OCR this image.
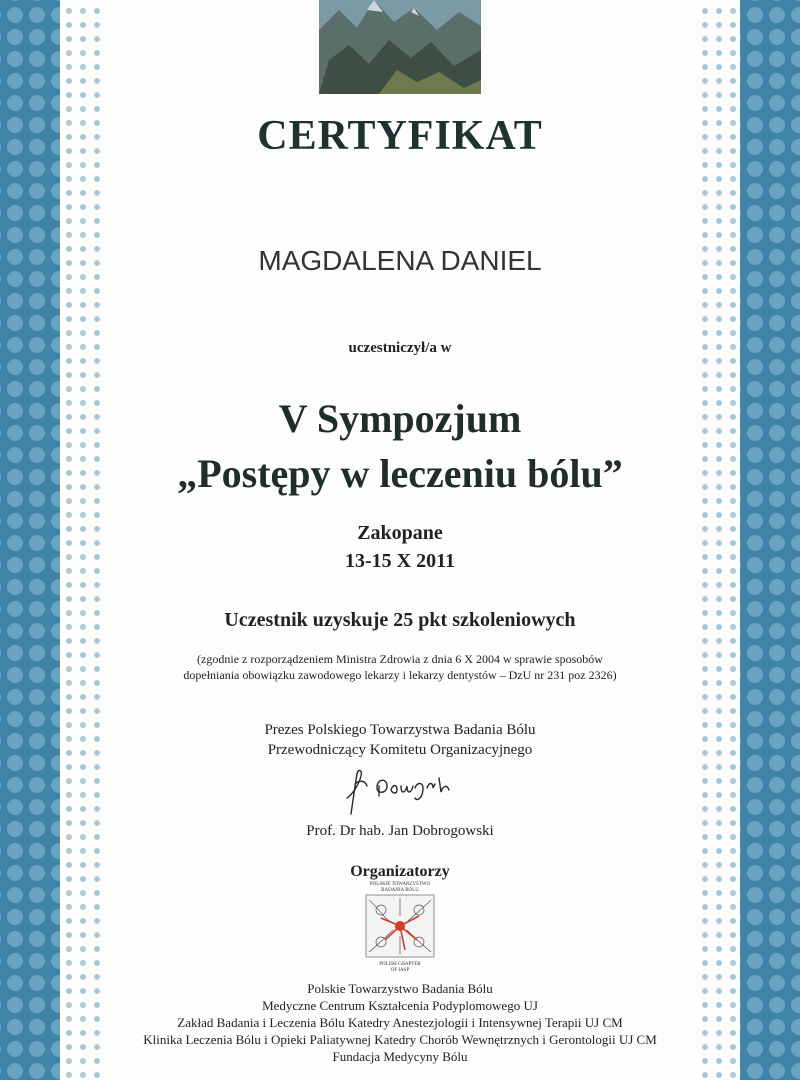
CERTYFIKAT
MAGDALENA DANIEL
uczestniczył/a w
V Sympozjum
„Postępy w leczeniu bólu”
Zakopane
13-15 X 2011
Uczestnik uzyskuje 25 pkt szkoleniowych
(zgodnie z rozporządzeniem Ministra Zdrowia z dnia 6 X 2004 w sprawie sposobów
dopełniania obowiązku zawodowego lekarzy i lekarzy dentystów – DzU nr 231 poz 2326)
Prezes Polskiego Towarzystwa Badania Bólu
Przewodniczący Komitetu Organizacyjnego
Prof. Dr hab. Jan Dobrogowski
Organizatorzy
POLSKIE TOWARZYSTWO
BADANIA BÓLU
POLISH CHAPTER
OF IASP
Polskie Towarzystwo Badania Bólu
Medyczne Centrum Kształcenia Podyplomowego UJ
Zakład Badania i Leczenia Bólu Katedry Anestezjologii i Intensywnej Terapii UJ CM
Klinika Leczenia Bólu i Opieki Paliatywnej Katedry Chorób Wewnętrznych i Gerontologii UJ CM
Fundacja Medycyny Bólu
